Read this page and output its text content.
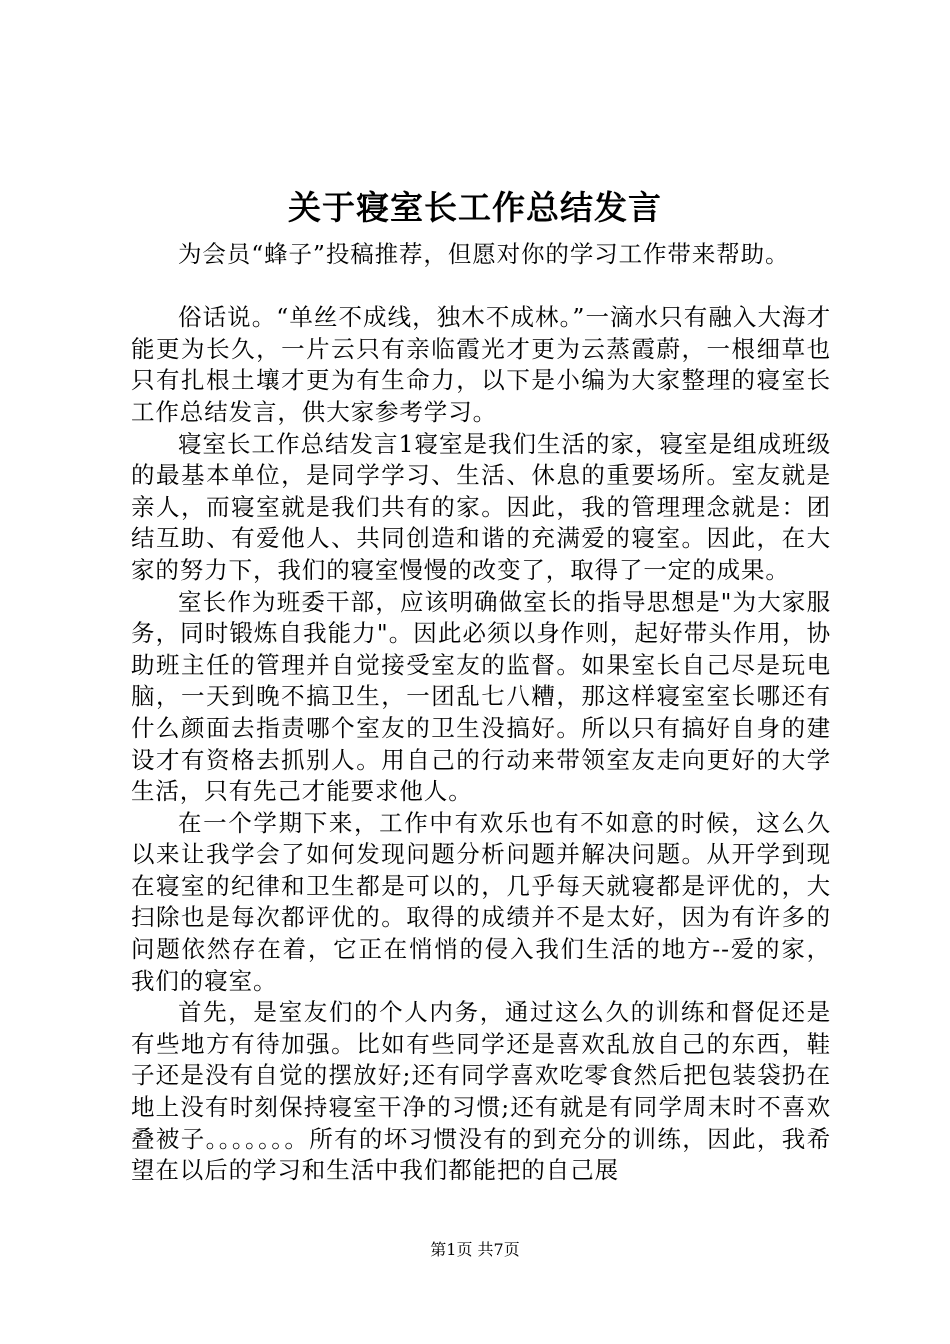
关于寝室长工作总结发言

为会员“蜂子”投稿推荐，但愿对你的学习工作带来帮助。

俗话说。“单丝不成线，独木不成林。”一滴水只有融入大海才能更为长久，一片云只有亲临霞光才更为云蒸霞蔚，一根细草也只有扎根土壤才更为有生命力，以下是小编为大家整理的寝室长工作总结发言，供大家参考学习。

寝室长工作总结发言1寝室是我们生活的家，寝室是组成班级的最基本单位，是同学学习、生活、休息的重要场所。室友就是亲人，而寝室就是我们共有的家。因此，我的管理理念就是：团结互助、有爱他人、共同创造和谐的充满爱的寝室。因此，在大家的努力下，我们的寝室慢慢的改变了，取得了一定的成果。

室长作为班委干部，应该明确做室长的指导思想是"为大家服务，同时锻炼自我能力"。因此必须以身作则，起好带头作用，协助班主任的管理并自觉接受室友的监督。如果室长自己尽是玩电脑，一天到晚不搞卫生，一团乱七八糟，那这样寝室室长哪还有什么颜面去指责哪个室友的卫生没搞好。所以只有搞好自身的建设才有资格去抓别人。用自己的行动来带领室友走向更好的大学生活，只有先己才能要求他人。

在一个学期下来，工作中有欢乐也有不如意的时候，这么久以来让我学会了如何发现问题分析问题并解决问题。从开学到现在寝室的纪律和卫生都是可以的，几乎每天就寝都是评优的，大扫除也是每次都评优的。取得的成绩并不是太好，因为有许多的问题依然存在着，它正在悄悄的侵入我们生活的地方--爱的家，我们的寝室。

首先，是室友们的个人内务，通过这么久的训练和督促还是有些地方有待加强。比如有些同学还是喜欢乱放自己的东西，鞋子还是没有自觉的摆放好;还有同学喜欢吃零食然后把包装袋扔在地上没有时刻保持寝室干净的习惯;还有就是有同学周末时不喜欢叠被子。。。。。。。所有的坏习惯没有的到充分的训练，因此，我希望在以后的学习和生活中我们都能把的自己展

第1页 共7页
